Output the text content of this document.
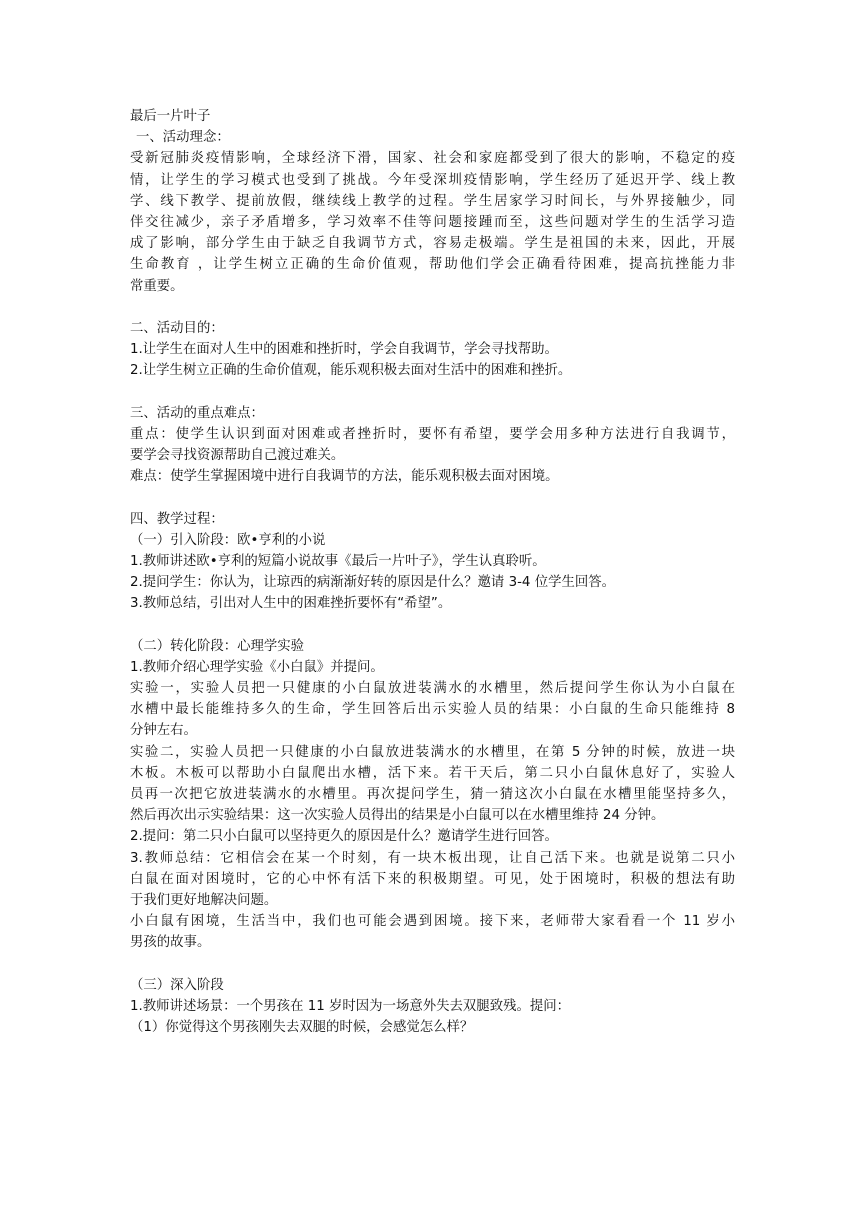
最后一片叶子
一、活动理念：
受新冠肺炎疫情影响，全球经济下滑，国家、社会和家庭都受到了很大的影响，不稳定的疫
情，让学生的学习模式也受到了挑战。今年受深圳疫情影响，学生经历了延迟开学、线上教
学、线下教学、提前放假，继续线上教学的过程。学生居家学习时间长，与外界接触少，同
伴交往减少，亲子矛盾增多，学习效率不佳等问题接踵而至，这些问题对学生的生活学习造
成了影响，部分学生由于缺乏自我调节方式，容易走极端。学生是祖国的未来，因此，开展
生命教育 ，让学生树立正确的生命价值观，帮助他们学会正确看待困难，提高抗挫能力非
常重要。
二、活动目的：
1.让学生在面对人生中的困难和挫折时，学会自我调节，学会寻找帮助。
2.让学生树立正确的生命价值观，能乐观积极去面对生活中的困难和挫折。
三、活动的重点难点：
重点：使学生认识到面对困难或者挫折时，要怀有希望，要学会用多种方法进行自我调节，
要学会寻找资源帮助自己渡过难关。
难点：使学生掌握困境中进行自我调节的方法，能乐观积极去面对困境。
四、教学过程：
（一）引入阶段：欧•亨利的小说
1.教师讲述欧•亨利的短篇小说故事《最后一片叶子》，学生认真聆听。
2.提问学生：你认为，让琼西的病渐渐好转的原因是什么？邀请 3-4 位学生回答。
3.教师总结，引出对人生中的困难挫折要怀有“希望”。
（二）转化阶段：心理学实验
1.教师介绍心理学实验《小白鼠》并提问。
实验一，实验人员把一只健康的小白鼠放进装满水的水槽里，然后提问学生你认为小白鼠在
水槽中最长能维持多久的生命，学生回答后出示实验人员的结果：小白鼠的生命只能维持 8
分钟左右。
实验二，实验人员把一只健康的小白鼠放进装满水的水槽里，在第 5 分钟的时候，放进一块
木板。木板可以帮助小白鼠爬出水槽，活下来。若干天后，第二只小白鼠休息好了，实验人
员再一次把它放进装满水的水槽里。再次提问学生，猜一猜这次小白鼠在水槽里能坚持多久，
然后再次出示实验结果：这一次实验人员得出的结果是小白鼠可以在水槽里维持 24 分钟。
2.提问：第二只小白鼠可以坚持更久的原因是什么？邀请学生进行回答。
3.教师总结：它相信会在某一个时刻，有一块木板出现，让自己活下来。也就是说第二只小
白鼠在面对困境时，它的心中怀有活下来的积极期望。可见，处于困境时，积极的想法有助
于我们更好地解决问题。
小白鼠有困境，生活当中，我们也可能会遇到困境。接下来，老师带大家看看一个 11 岁小
男孩的故事。
（三）深入阶段
1.教师讲述场景：一个男孩在 11 岁时因为一场意外失去双腿致残。提问：
（1）你觉得这个男孩刚失去双腿的时候，会感觉怎么样？
